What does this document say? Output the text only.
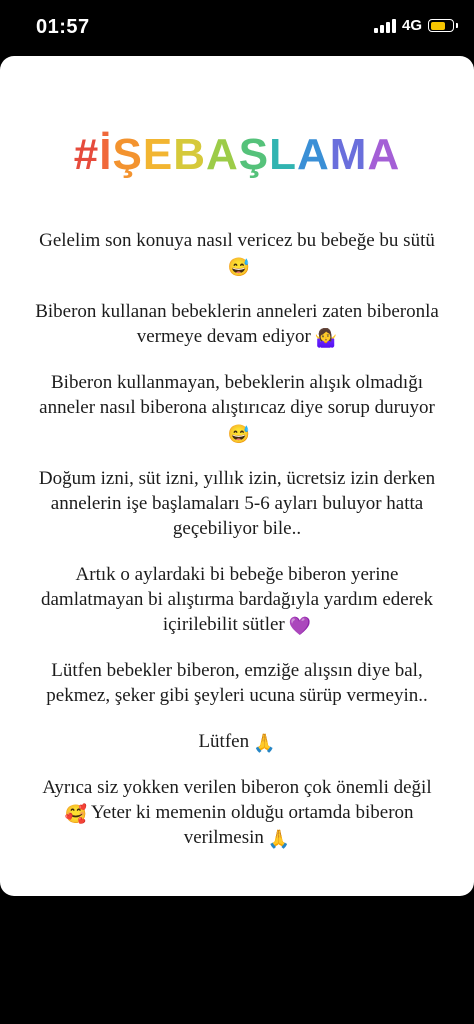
01:57	4G
#İŞEBAŞLAMA

Gelelim son konuya nasıl vericez bu bebeğe bu sütü😅

Biberon kullanan bebeklerin anneleri zaten biberonla vermeye devam ediyor 🤷‍♀️

Biberon kullanmayan, bebeklerin alışık olmadığı anneler nasıl biberona alıştırıcaz diye sorup duruyor😅

Doğum izni, süt izni, yıllık izin, ücretsiz izin derken annelerin işe başlamaları 5-6 ayları buluyor hatta geçebiliyor bile..

Artık o aylardaki bi bebeğe biberon yerine damlatmayan bi alıştırma bardağıyla yardım ederek içirilebilit sütler 💜

Lütfen bebekler biberon, emziğe alışsın diye bal, pekmez, şeker gibi şeyleri ucuna sürüp vermeyin..

Lütfen 🙏

Ayrıca siz yokken verilen biberon çok önemli değil🥰 Yeter ki memenin olduğu ortamda biberon verilmesin 🙏
